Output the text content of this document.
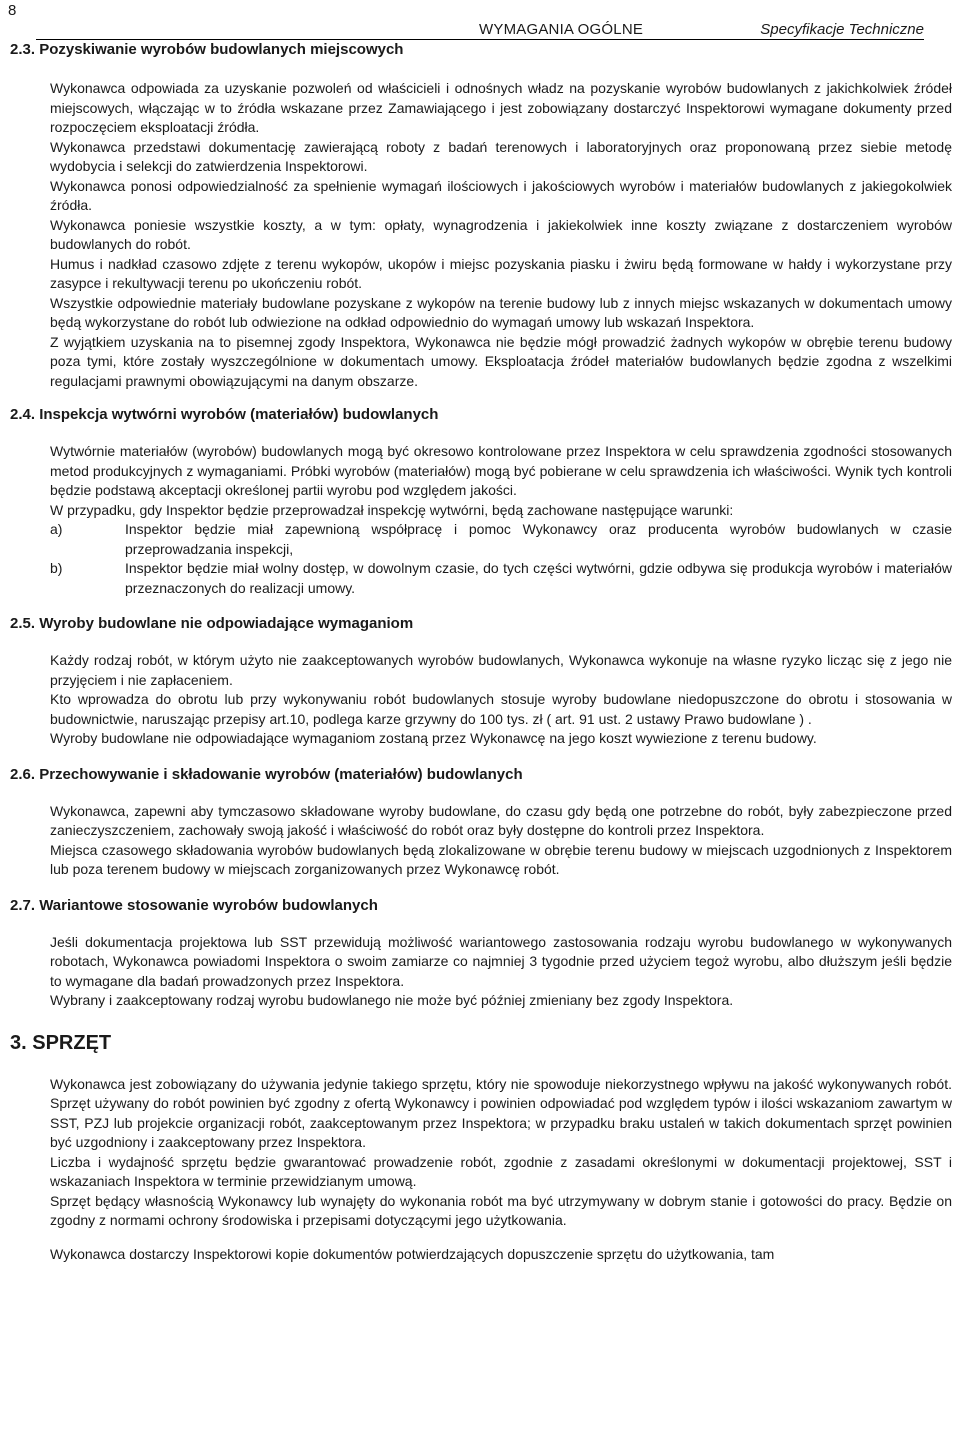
8
WYMAGANIA OGÓLNE	Specyfikacje Techniczne
2.3. Pozyskiwanie wyrobów budowlanych miejscowych

Wykonawca odpowiada za uzyskanie pozwoleń od właścicieli i odnośnych władz na pozyskanie wyrobów budowlanych z jakichkolwiek źródeł miejscowych, włączając w to źródła wskazane przez Zamawiającego i jest zobowiązany dostarczyć Inspektorowi wymagane dokumenty przed rozpoczęciem eksploatacji źródła.

Wykonawca przedstawi dokumentację zawierającą roboty z badań terenowych i laboratoryjnych oraz proponowaną przez siebie metodę wydobycia i selekcji do zatwierdzenia Inspektorowi.

Wykonawca ponosi odpowiedzialność za spełnienie wymagań ilościowych i jakościowych wyrobów i materiałów budowlanych z jakiegokolwiek źródła.

Wykonawca poniesie wszystkie koszty, a w tym: opłaty, wynagrodzenia i jakiekolwiek inne koszty związane z dostarczeniem wyrobów budowlanych do robót.

Humus i nadkład czasowo zdjęte z terenu wykopów, ukopów i miejsc pozyskania piasku i żwiru będą formowane w hałdy i wykorzystane przy zasypce i rekultywacji terenu po ukończeniu robót.

Wszystkie odpowiednie materiały budowlane pozyskane z wykopów na terenie budowy lub z innych miejsc wskazanych w dokumentach umowy będą wykorzystane do robót lub odwiezione na odkład odpowiednio do wymagań umowy lub wskazań Inspektora.

Z wyjątkiem uzyskania na to pisemnej zgody Inspektora, Wykonawca nie będzie mógł prowadzić żadnych wykopów w obrębie terenu budowy poza tymi, które zostały wyszczególnione w dokumentach umowy. Eksploatacja źródeł materiałów budowlanych będzie zgodna z wszelkimi regulacjami prawnymi obowiązującymi na danym obszarze.

2.4. Inspekcja wytwórni wyrobów (materiałów) budowlanych

Wytwórnie materiałów (wyrobów) budowlanych mogą być okresowo kontrolowane przez Inspektora w celu sprawdzenia zgodności stosowanych metod produkcyjnych z wymaganiami. Próbki wyrobów (materiałów) mogą być pobierane w celu sprawdzenia ich właściwości. Wynik tych kontroli będzie podstawą akceptacji określonej partii wyrobu pod względem jakości.

W przypadku, gdy Inspektor będzie przeprowadzał inspekcję wytwórni, będą zachowane następujące warunki:

a)	Inspektor będzie miał zapewnioną współpracę i pomoc Wykonawcy oraz producenta wyrobów budowlanych w czasie przeprowadzania inspekcji,
b)	Inspektor będzie miał wolny dostęp, w dowolnym czasie, do tych części wytwórni, gdzie odbywa się produkcja wyrobów i materiałów przeznaczonych do realizacji umowy.
2.5. Wyroby budowlane nie odpowiadające wymaganiom

Każdy rodzaj robót, w którym użyto nie zaakceptowanych wyrobów budowlanych, Wykonawca wykonuje na własne ryzyko licząc się z jego nie przyjęciem i nie zapłaceniem.

Kto wprowadza do obrotu lub przy wykonywaniu robót budowlanych stosuje wyroby budowlane niedopuszczone do obrotu i stosowania w budownictwie, naruszając przepisy art.10, podlega karze grzywny do 100 tys. zł ( art. 91 ust. 2 ustawy Prawo budowlane ) .

Wyroby budowlane nie odpowiadające wymaganiom zostaną przez Wykonawcę na jego koszt wywiezione z terenu budowy.

2.6. Przechowywanie i składowanie wyrobów (materiałów) budowlanych

Wykonawca, zapewni aby tymczasowo składowane wyroby budowlane, do czasu gdy będą one potrzebne do robót, były zabezpieczone przed zanieczyszczeniem, zachowały swoją jakość i właściwość do robót oraz były dostępne do kontroli przez Inspektora.

Miejsca czasowego składowania wyrobów budowlanych będą zlokalizowane w obrębie terenu budowy w miejscach uzgodnionych z Inspektorem lub poza terenem budowy w miejscach zorganizowanych przez Wykonawcę robót.

2.7. Wariantowe stosowanie wyrobów budowlanych

Jeśli dokumentacja projektowa lub SST przewidują możliwość wariantowego zastosowania rodzaju wyrobu budowlanego w wykonywanych robotach, Wykonawca powiadomi Inspektora o swoim zamiarze co najmniej 3 tygodnie przed użyciem tegoż wyrobu, albo dłuższym jeśli będzie to wymagane dla badań prowadzonych przez Inspektora.

Wybrany i zaakceptowany rodzaj wyrobu budowlanego nie może być później zmieniany bez zgody Inspektora.

3. SPRZĘT

Wykonawca jest zobowiązany do używania jedynie takiego sprzętu, który nie spowoduje niekorzystnego wpływu na jakość wykonywanych robót. Sprzęt używany do robót powinien być zgodny z ofertą Wykonawcy i powinien odpowiadać pod względem typów i ilości wskazaniom zawartym w SST, PZJ lub projekcie organizacji robót, zaakceptowanym przez Inspektora; w przypadku braku ustaleń w takich dokumentach sprzęt powinien być uzgodniony i zaakceptowany przez Inspektora.

Liczba i wydajność sprzętu będzie gwarantować prowadzenie robót, zgodnie z zasadami określonymi w dokumentacji projektowej, SST i wskazaniach Inspektora w terminie przewidzianym umową.

Sprzęt będący własnością Wykonawcy lub wynajęty do wykonania robót ma być utrzymywany w dobrym stanie i gotowości do pracy. Będzie on zgodny z normami ochrony środowiska i przepisami dotyczącymi jego użytkowania.

Wykonawca dostarczy Inspektorowi kopie dokumentów potwierdzających dopuszczenie sprzętu do użytkowania, tam
